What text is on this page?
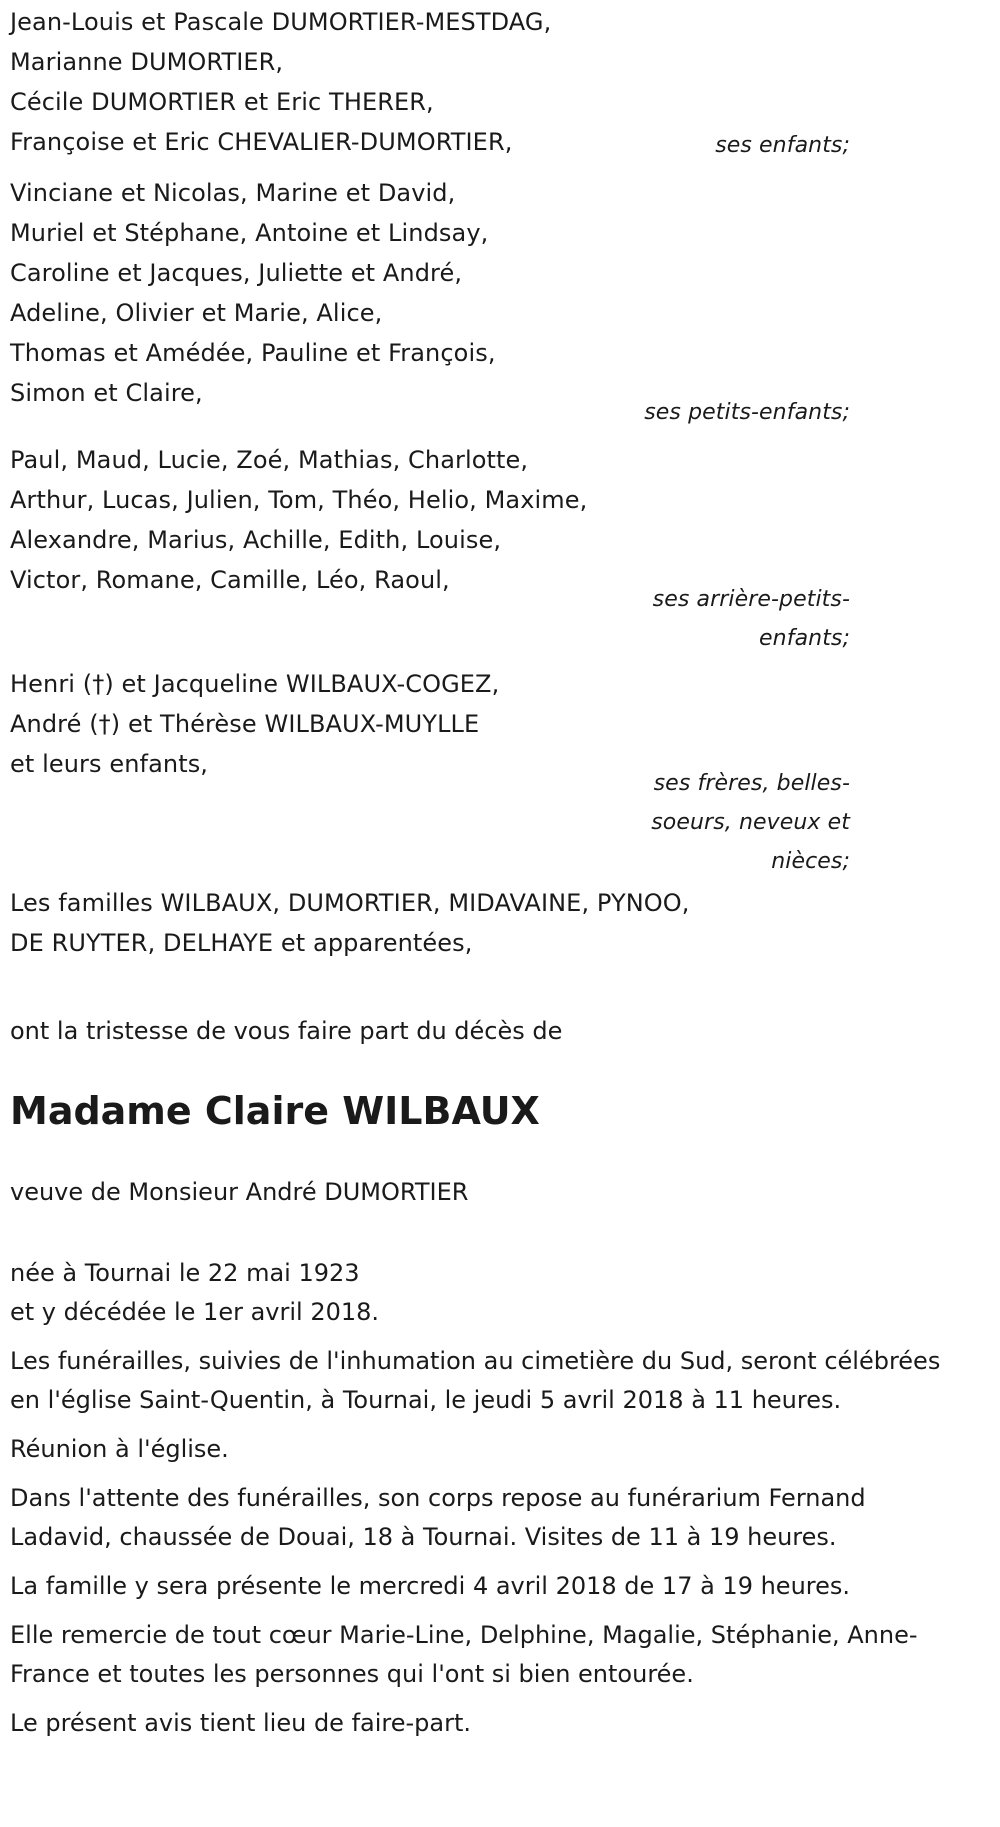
Jean-Louis et Pascale DUMORTIER-MESTDAG,
Marianne DUMORTIER,
Cécile DUMORTIER et Eric THERER,
Françoise et Eric CHEVALIER-DUMORTIER,	ses enfants;
Vinciane et Nicolas, Marine et David,
Muriel et Stéphane, Antoine et Lindsay,
Caroline et Jacques, Juliette et André,
Adeline, Olivier et Marie, Alice,
Thomas et Amédée, Pauline et François,
Simon et Claire,
ses petits-enfants;
Paul, Maud, Lucie, Zoé, Mathias, Charlotte,
Arthur, Lucas, Julien, Tom, Théo, Helio, Maxime,
Alexandre, Marius, Achille, Edith, Louise,
Victor, Romane, Camille, Léo, Raoul,
ses arrière-petits-
enfants;
Henri (†) et Jacqueline WILBAUX-COGEZ,
André (†) et Thérèse WILBAUX-MUYLLE
et leurs enfants,
ses frères, belles-
soeurs, neveux et
nièces;
Les familles WILBAUX, DUMORTIER, MIDAVAINE, PYNOO,
DE RUYTER, DELHAYE et apparentées,
ont la tristesse de vous faire part du décès de
Madame Claire WILBAUX
veuve de Monsieur André DUMORTIER
née à Tournai le 22 mai 1923
et y décédée le 1er avril 2018.
Les funérailles, suivies de l'inhumation au cimetière du Sud, seront célébrées en l'église Saint-Quentin, à Tournai, le jeudi 5 avril 2018 à 11 heures.
Réunion à l'église.
Dans l'attente des funérailles, son corps repose au funérarium Fernand Ladavid, chaussée de Douai, 18 à Tournai. Visites de 11 à 19 heures.
La famille y sera présente le mercredi 4 avril 2018 de 17 à 19 heures.
Elle remercie de tout cœur Marie-Line, Delphine, Magalie, Stéphanie, Anne-France et toutes les personnes qui l'ont si bien entourée.
Le présent avis tient lieu de faire-part.
